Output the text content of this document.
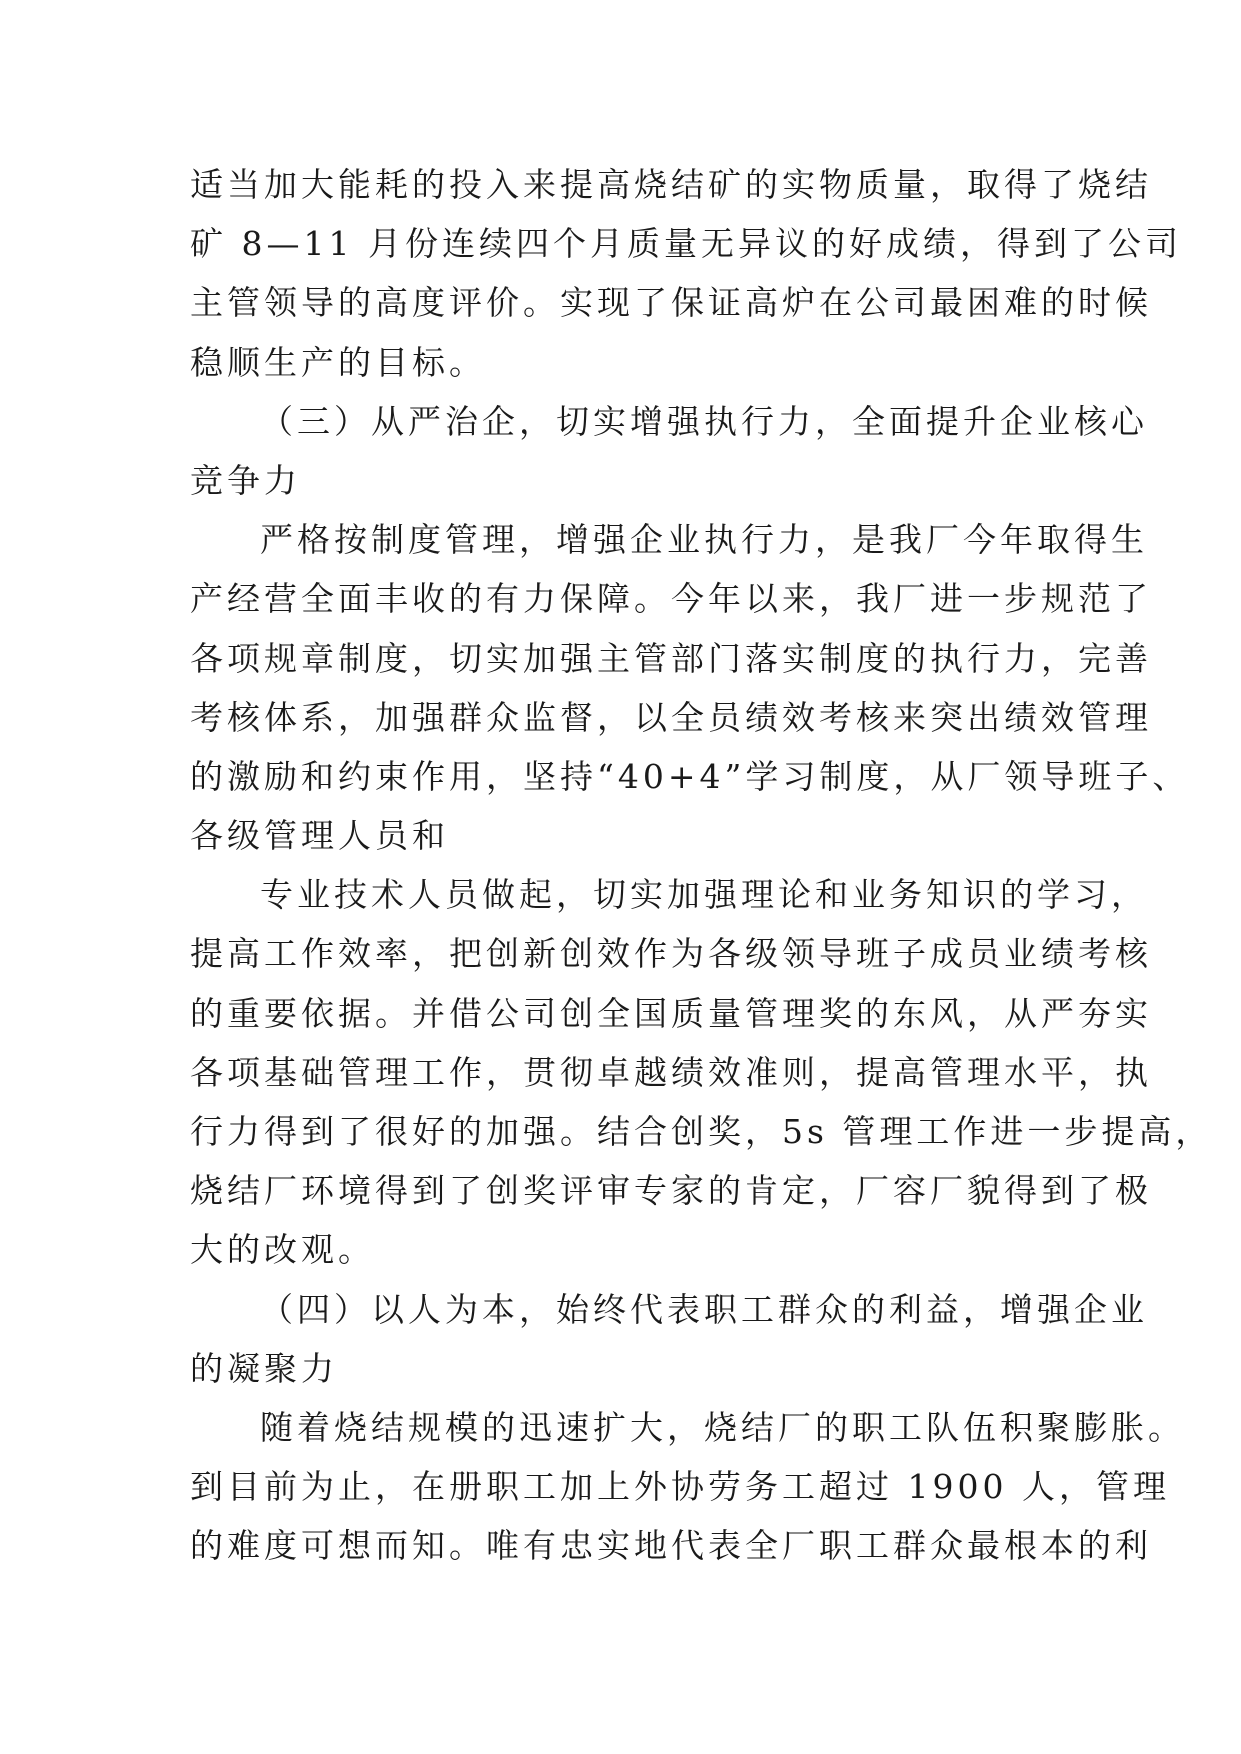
适当加大能耗的投入来提高烧结矿的实物质量，取得了烧结
矿 8—11 月份连续四个月质量无异议的好成绩，得到了公司
主管领导的高度评价。实现了保证高炉在公司最困难的时候
稳顺生产的目标。
（三）从严治企，切实增强执行力，全面提升企业核心
竞争力
严格按制度管理，增强企业执行力，是我厂今年取得生
产经营全面丰收的有力保障。今年以来，我厂进一步规范了
各项规章制度，切实加强主管部门落实制度的执行力，完善
考核体系，加强群众监督，以全员绩效考核来突出绩效管理
的激励和约束作用，坚持“40+4”学习制度，从厂领导班子、
各级管理人员和
专业技术人员做起，切实加强理论和业务知识的学习，
提高工作效率，把创新创效作为各级领导班子成员业绩考核
的重要依据。并借公司创全国质量管理奖的东风，从严夯实
各项基础管理工作，贯彻卓越绩效准则，提高管理水平，执
行力得到了很好的加强。结合创奖，5s 管理工作进一步提高，
烧结厂环境得到了创奖评审专家的肯定，厂容厂貌得到了极
大的改观。
（四）以人为本，始终代表职工群众的利益，增强企业
的凝聚力
随着烧结规模的迅速扩大，烧结厂的职工队伍积聚膨胀。
到目前为止，在册职工加上外协劳务工超过 1900 人，管理
的难度可想而知。唯有忠实地代表全厂职工群众最根本的利
